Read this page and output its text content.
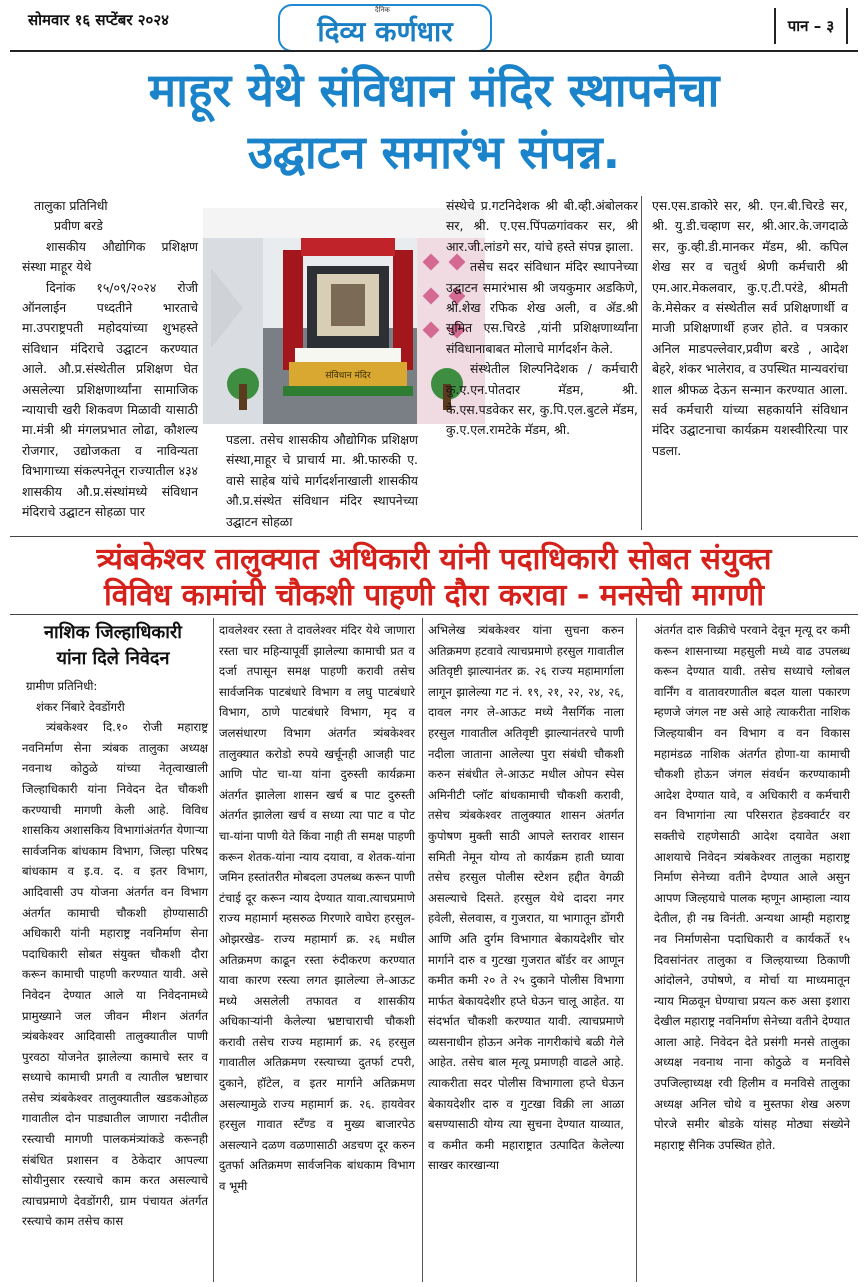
सोमवार १६ सप्टेंबर २०२४
दैनिक
दिव्य कर्णधार	पान – ३
माहूर येथे संविधान मंदिर स्थापनेचा
उद्घाटन समारंभ संपन्न.

तालुका प्रतिनिधी

प्रवीण बरडे

शासकीय औद्योगिक प्रशिक्षण संस्था माहूर येथे

दिनांक १५/०९/२०२४ रोजी ऑनलाईन पध्दतीने भारताचे मा.उपराष्ट्रपती महोदयांच्या शुभहस्ते संविधान मंदिराचे उद्घाटन करण्यात आले. औ.प्र.संस्थेतील प्रशिक्षण घेत असलेल्या प्रशिक्षणार्थ्यांना सामाजिक न्यायाची खरी शिकवण मिळावी यासाठी मा.मंत्री श्री मंगलप्रभात लोढा, कौशल्य रोजगार, उद्योजकता व नाविन्यता विभागाच्या संकल्पनेतून राज्यातील ४३४ शासकीय औ.प्र.संस्थांमध्ये संविधान मंदिराचे उद्घाटन सोहळा पार

संविधान मंदिर

पडला. तसेच शासकीय औद्योगिक प्रशिक्षण संस्था,माहूर चे प्राचार्य मा. श्री.फारुकी ए. वासे साहेब यांचे मार्गदर्शनाखाली शासकीय औ.प्र.संस्थेत संविधान मंदिर स्थापनेच्या उद्घाटन सोहळा

संस्थेचे प्र.गटनिदेशक श्री बी.व्ही.अंबोलकर सर, श्री. ए.एस.पिंपळगांवकर सर, श्री आर.जी.लांडगे सर, यांचे हस्ते संपन्न झाला.

तसेच सदर संविधान मंदिर स्थापनेच्या उद्घाटन समारंभास श्री जयकुमार अडकिणे, श्री.शेख रफिक शेख अली, व ॲड.श्री सुमित एस.चिरडे ,यांनी प्रशिक्षणार्थ्यांना संविधानाबाबत मोलाचे मार्गदर्शन केले.

संस्थेतील शिल्पनिदेशक / कर्मचारी कु.ए.एन.पोतदार मॅडम, श्री. के.एस.पडवेकर सर, कु.पि.एल.बुटले मॅडम, कु.ए.एल.रामटेके मॅडम, श्री.

एस.एस.डाकोरे सर, श्री. एन.बी.चिरडे सर, श्री. यु.डी.चव्हाण सर, श्री.आर.के.जगदाळे सर, कु.व्ही.डी.मानकर मॅडम, श्री. कपिल शेख सर व चतुर्थ श्रेणी कर्मचारी श्री एम.आर.मेकलवार, कु.ए.टी.परंडे, श्रीमती के.मेसेकर व संस्थेतील सर्व प्रशिक्षणार्थी व माजी प्रशिक्षणार्थी हजर होते. व पत्रकार अनिल माडपल्लेवार,प्रवीण बरडे , आदेश बेहरे, शंकर भालेराव, व उपस्थित मान्यवरांचा शाल श्रीफळ देऊन सन्मान करण्यात आला. सर्व कर्मचारी यांच्या सहकार्याने संविधान मंदिर उद्घाटनाचा कार्यक्रम यशस्वीरित्या पार पडला.

त्र्यंबकेश्वर तालुक्यात अधिकारी यांनी पदाधिकारी सोबत संयुक्त
विविध कामांची चौकशी पाहणी दौरा करावा - मनसेची मागणी
नाशिक जिल्हाधिकारी
यांना दिले निवेदन

ग्रामीण प्रतिनिधी:

शंकर निंबारे देवडोंगरी

त्र्यंबकेश्वर दि.१० रोजी महाराष्ट्र नवनिर्माण सेना त्र्यंबक तालुका अध्यक्ष नवनाथ कोठुळे यांच्या नेतृत्वाखाली जिल्हाधिकारी यांना निवेदन देत चौकशी करण्याची मागणी केली आहे. विविध शासकिय अशासकिय विभागांअंतर्गत येणाऱ्या सार्वजनिक बांधकाम विभाग, जिल्हा परिषद बांधकाम व इ.व. द. व इतर विभाग, आदिवासी उप योजना अंतर्गत वन विभाग अंतर्गत कामाची चौकशी होण्यासाठी अधिकारी यांनी महाराष्ट्र नवनिर्माण सेना पदाधिकारी सोबत संयुक्त चौकशी दौरा करून कामाची पाहणी करण्यात यावी. असे निवेदन देण्यात आले या निवेदनामध्ये प्रामुख्याने जल जीवन मीशन अंतर्गत त्र्यंबकेश्वर आदिवासी तालुक्यातील पाणी पुरवठा योजनेत झालेल्या कामाचे स्तर व सध्याचे कामाची प्रगती व त्यातील भ्रष्टाचार तसेच त्र्यंबकेश्वर तालुक्यातील खडकओहळ गावातील दोन पाड्यातील जाणारा नदीतील रस्त्याची मागणी पालकमंत्र्यांकडे करूनही संबंधित प्रशासन व ठेकेदार आपल्या सोयीनुसार रस्त्याचे काम करत असल्याचे त्याचप्रमाणे देवडोंगरी, ग्राम पंचायत अंतर्गत रस्त्याचे काम तसेच कास

दावलेश्वर रस्ता ते दावलेश्वर मंदिर येथे जाणारा रस्ता चार महिन्यापूर्वी झालेल्या कामाची प्रत व दर्जा तपासून समक्ष पाहणी करावी तसेच सार्वजनिक पाटबंधारे विभाग व लघु पाटबंधारे विभाग, ठाणे पाटबंधारे विभाग, मृद व जलसंधारण विभाग अंतर्गत त्र्यंबकेश्वर तालुक्यात करोडो रुपये खर्चूनही आजही पाट आणि पोट चा-या यांना दुरुस्ती कार्यक्रमा अंतर्गत झालेला शासन खर्च ब पाट दुरुस्ती अंतर्गत झालेला खर्च व सध्या त्या पाट व पोट चा-यांना पाणी येते किंवा नाही ती समक्ष पाहणी करून शेतक-यांना न्याय दयावा, व शेतक-यांना जमिन हस्तांतरीत मोबदला उपलब्ध करून पाणी टंचाई दूर करून न्याय देण्यात यावा.त्याचप्रमाणे राज्य महामार्ग म्हसरुळ गिरणारे वाघेरा हरसुल-ओझरखेड- राज्य महामार्ग क्र. २६ मधील अतिक्रमण काढून रस्ता रुंदीकरण करण्यात यावा कारण रस्त्या लगत झालेल्या ले-आऊट मध्ये असलेली तफावत व शासकीय अधिकाऱ्यांनी केलेल्या भ्रष्टाचाराची चौकशी करावी तसेच राज्य महामार्ग क्र. २६ हरसुल गावातील अतिक्रमण रस्त्याच्या दुतर्फा टपरी, दुकाने, हॉटेल, व इतर मार्गाने अतिक्रमण असल्यामुळे राज्य महामार्ग क्र. २६. हायवेवर हरसुल गावात स्टँण्ड व मुख्य बाजारपेठ असल्याने दळण वळणासाठी अडचण दूर करुन दुतर्फा अतिक्रमण सार्वजनिक बांधकाम विभाग व भूमी

अभिलेख त्र्यंबकेश्वर यांना सुचना करुन अतिक्रमण हटवावे त्याचप्रमाणे हरसुल गावातील अतिवृष्टी झाल्यानंतर क्र. २६ राज्य महामार्गाला लागून झालेल्या गट नं. १९, २१, २२, २४, २६, दावल नगर ले-आऊट मध्ये नैसर्गिक नाला हरसुल गावातील अतिवृष्टी झाल्यानंतरचे पाणी नदीला जाताना आलेल्या पुरा संबंधी चौकशी करुन संबंधीत ले-आऊट मधील ओपन स्पेस अमिनीटी प्लॉट बांधकामाची चौकशी करावी, तसेच त्र्यंबकेश्वर तालुक्यात शासन अंतर्गत कुपोषण मुक्ती साठी आपले स्तरावर शासन समिती नेमून योग्य तो कार्यक्रम हाती घ्यावा तसेच हरसुल पोलीस स्टेशन हद्दीत वेगळी असल्याचे दिसते. हरसुल येथे दादरा नगर हवेली, सेलवास, व गुजरात, या भागातून डोंगरी आणि अति दुर्गम विभागात बेकायदेशीर चोर मार्गाने दारु व गुटखा गुजरात बॉर्डर वर आणून कमीत कमी २० ते २५ दुकाने पोलीस विभागा मार्फत बेकायदेशीर हप्ते घेऊन चालू आहेत. या संदर्भात चौकशी करण्यात यावी. त्याचप्रमाणे व्यसनाधीन होऊन अनेक नागरीकांचे बळी गेले आहेत. तसेच बाल मृत्यू प्रमाणही वाढले आहे. त्याकरीता सदर पोलीस विभागाला हप्ते घेऊन बेकायदेशीर दारु व गुटखा विक्री ला आळा बसण्यासाठी योग्य त्या सुचना देण्यात याव्यात, व कमीत कमी महाराष्ट्रात उत्पादित केलेल्या साखर कारखान्या

अंतर्गत दारु विक्रीचे परवाने देवून मृत्यू दर कमी करून शासनाच्या महसुली मध्ये वाढ उपलब्ध करून देण्यात यावी. तसेच सध्याचे ग्लोबल वार्निंग व वातावरणातील बदल याला पकारण म्हणजे जंगल नष्ट असे आहे त्याकरीता नाशिक जिल्हयाबीन वन विभाग व वन विकास महामंडळ नाशिक अंतर्गत होणा-या कामाची चौकशी होऊन जंगल संवर्धन करण्याकामी आदेश देण्यात यावे, व अधिकारी व कर्मचारी वन विभागांना त्या परिसरात हेडक्वार्टर वर सक्तीचे राहणेसाठी आदेश दयावेत अशा आशयाचे निवेदन त्र्यंबकेश्वर तालुका महाराष्ट्र निर्माण सेनेच्या वतीने देण्यात आले असुन आपण जिल्हयाचे पालक म्हणून आम्हाला न्याय देतील, ही नम्र विनंती. अन्यथा आम्ही महाराष्ट्र नव निर्माणसेना पदाधिकारी व कार्यकर्ते १५ दिवसांनंतर तालुका व जिल्हयाच्या ठिकाणी आंदोलने, उपोषणे, व मोर्चा या माध्यमातून न्याय मिळवून घेण्याचा प्रयत्न करु असा इशारा देखील महाराष्ट्र नवनिर्माण सेनेच्या वतीने देण्यात आला आहे. निवेदन देते प्रसंगी मनसे तालुका अध्यक्ष नवनाथ नाना कोठुळे व मनविसे उपजिल्हाध्यक्ष रवी हिलीम व मनविसे तालुका अध्यक्ष अनिल चोथे व मुस्तफा शेख अरुण पोरजे समीर बोडके यांसह मोठ्या संख्येने महाराष्ट्र सैनिक उपस्थित होते.
